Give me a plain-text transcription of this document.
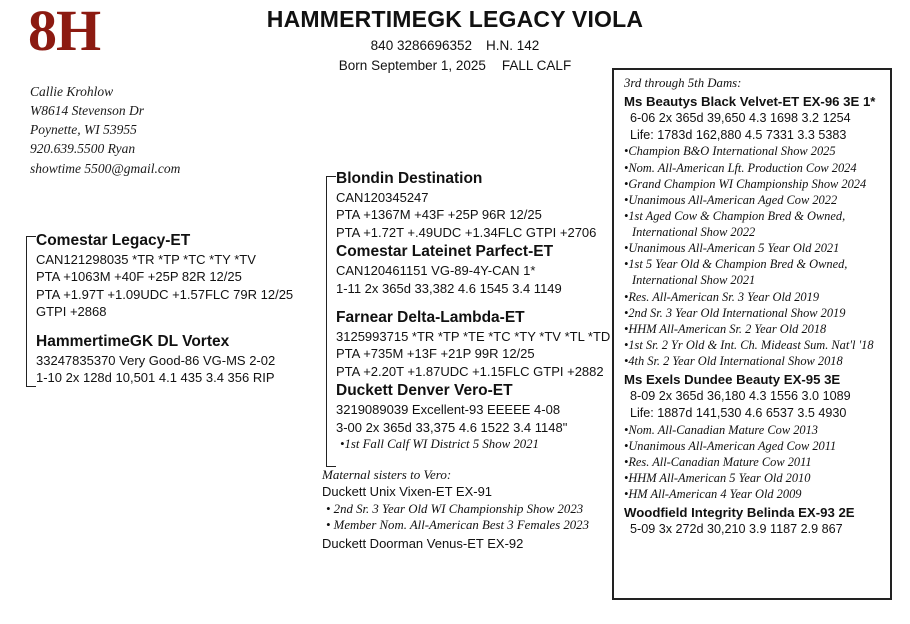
8H	HAMMERTIMEGK LEGACY VIOLA
840 3286696352 H.N. 142
Born September 1, 2025 FALL CALF
Callie Krohlow
W8614 Stevenson Dr
Poynette, WI 53955
920.639.5500 Ryan
showtime 5500@gmail.com
Comestar Legacy-ET
CAN121298035 *TR *TP *TC *TY *TV
PTA +1063M +40F +25P 82R 12/25
PTA +1.97T +1.09UDC +1.57FLC 79R 12/25
GTPI +2868
HammertimeGK DL Vortex
33247835370 Very Good-86 VG-MS 2-02
1-10 2x 128d 10,501 4.1 435 3.4 356 RIP
Blondin Destination
CAN120345247
PTA +1367M +43F +25P 96R 12/25
PTA +1.72T +.49UDC +1.34FLC GTPI +2706
Comestar Lateinet Parfect-ET
CAN120461151 VG-89-4Y-CAN 1*
1-11 2x 365d 33,382 4.6 1545 3.4 1149
Farnear Delta-Lambda-ET
3125993715 *TR *TP *TE *TC *TY *TV *TL *TD
PTA +735M +13F +21P 99R 12/25
PTA +2.20T +1.87UDC +1.15FLC GTPI +2882
Duckett Denver Vero-ET
3219089039 Excellent-93 EEEEE 4-08
3-00 2x 365d 33,375 4.6 1522 3.4 1148"
•1st Fall Calf WI District 5 Show 2021
Maternal sisters to Vero:
Duckett Unix Vixen-ET EX-91
• 2nd Sr. 3 Year Old WI Championship Show 2023
• Member Nom. All-American Best 3 Females 2023
Duckett Doorman Venus-ET EX-92
3rd through 5th Dams:
Ms Beautys Black Velvet-ET EX-96 3E 1*
6-06 2x 365d 39,650 4.3 1698 3.2 1254
Life: 1783d 162,880 4.5 7331 3.3 5383
•Champion B&O International Show 2025
•Nom. All-American Lft. Production Cow 2024
•Grand Champion WI Championship Show 2024
•Unanimous All-American Aged Cow 2022
•1st Aged Cow & Champion Bred & Owned,
International Show 2022
•Unanimous All-American 5 Year Old 2021
•1st 5 Year Old & Champion Bred & Owned,
International Show 2021
•Res. All-American Sr. 3 Year Old 2019
•2nd Sr. 3 Year Old International Show 2019
•HHM All-American Sr. 2 Year Old 2018
•1st Sr. 2 Yr Old & Int. Ch. Mideast Sum. Nat'l '18
•4th Sr. 2 Year Old International Show 2018
Ms Exels Dundee Beauty EX-95 3E
8-09 2x 365d 36,180 4.3 1556 3.0 1089
Life: 1887d 141,530 4.6 6537 3.5 4930
•Nom. All-Canadian Mature Cow 2013
•Unanimous All-American Aged Cow 2011
•Res. All-Canadian Mature Cow 2011
•HHM All-American 5 Year Old 2010
•HM All-American 4 Year Old 2009
Woodfield Integrity Belinda EX-93 2E
5-09 3x 272d 30,210 3.9 1187 2.9 867
